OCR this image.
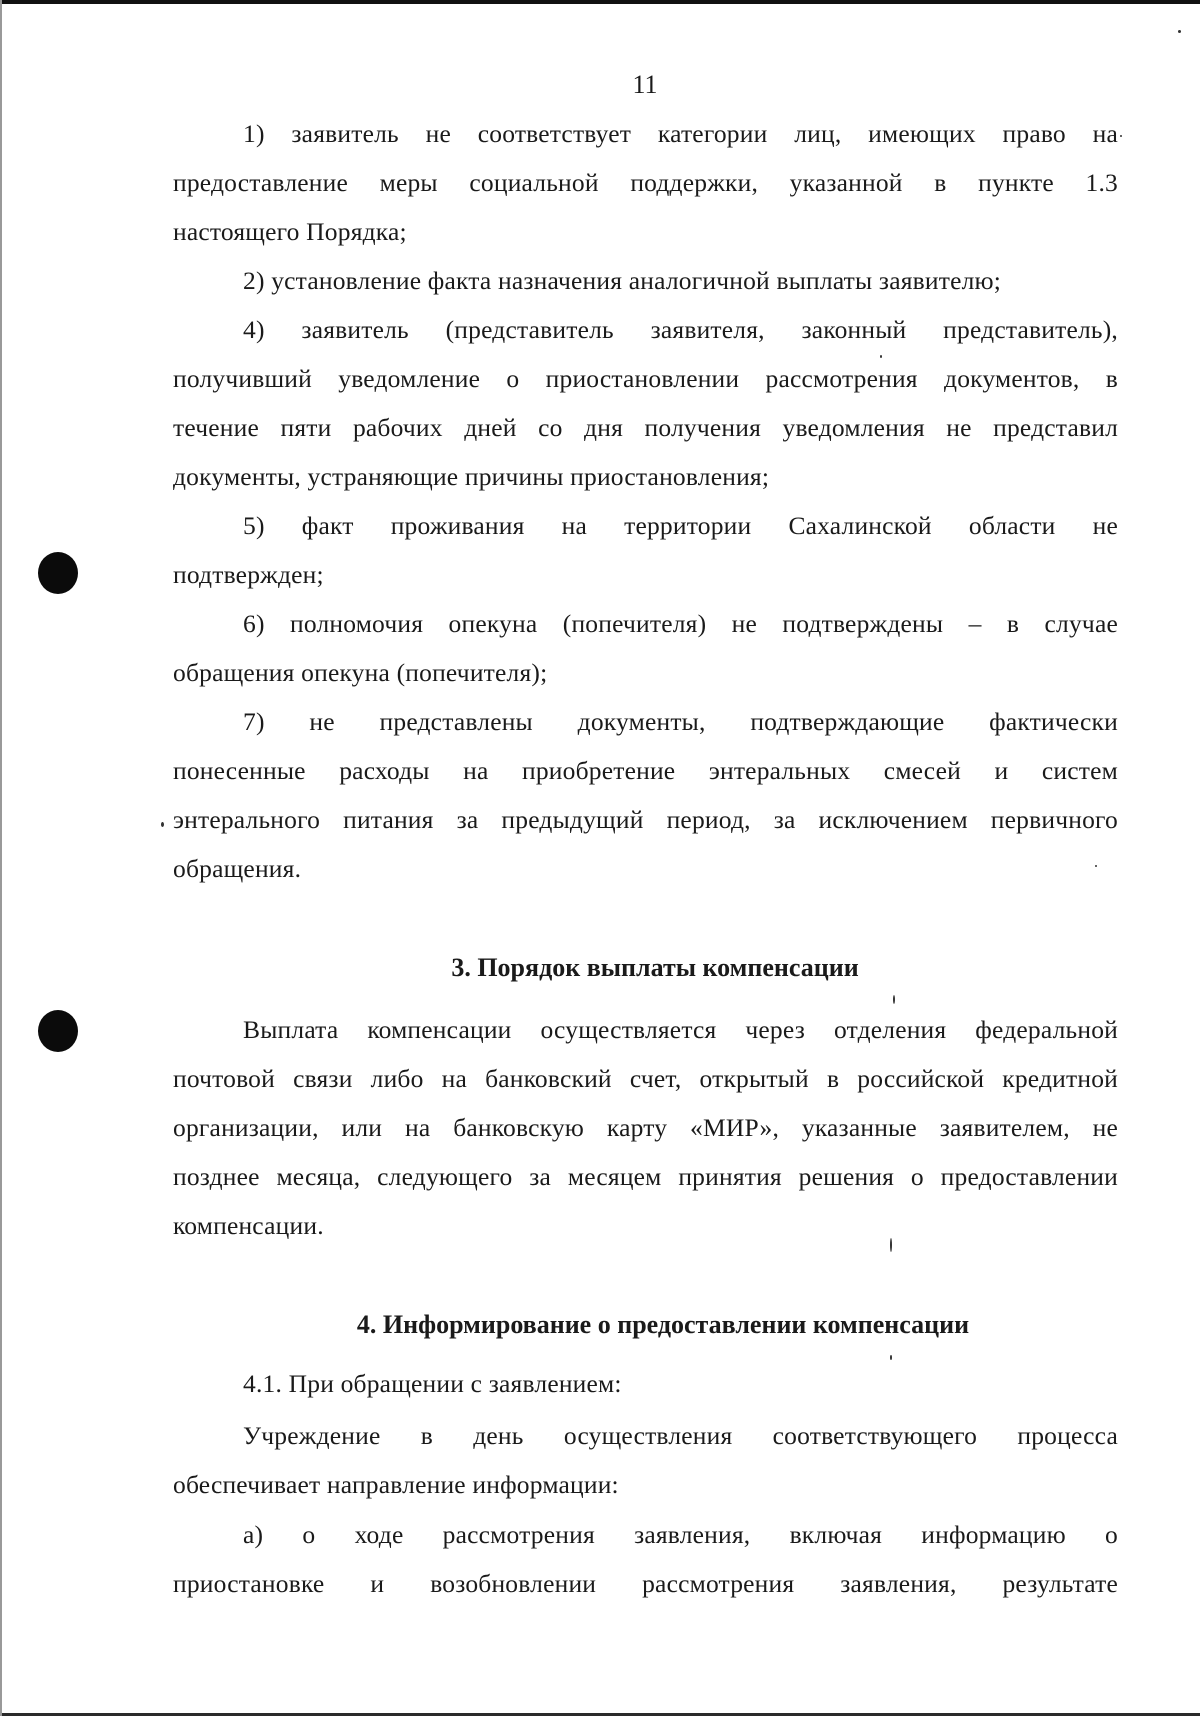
11
1) заявитель не соответствует категории лиц, имеющих право на
предоставление меры социальной поддержки, указанной в пункте 1.3
настоящего Порядка;
2) установление факта назначения аналогичной выплаты заявителю;
4) заявитель (представитель заявителя, законный представитель),
получивший уведомление о приостановлении рассмотрения документов, в
течение пяти рабочих дней со дня получения уведомления не представил
документы, устраняющие причины приостановления;
5) факт проживания на территории Сахалинской области не
подтвержден;
6) полномочия опекуна (попечителя) не подтверждены – в случае
обращения опекуна (попечителя);
7) не представлены документы, подтверждающие фактически
понесенные расходы на приобретение энтеральных смесей и систем
энтерального питания за предыдущий период, за исключением первичного
обращения.
3. Порядок выплаты компенсации
Выплата компенсации осуществляется через отделения федеральной
почтовой связи либо на банковский счет, открытый в российской кредитной
организации, или на банковскую карту «МИР», указанные заявителем, не
позднее месяца, следующего за месяцем принятия решения о предоставлении
компенсации.
4. Информирование о предоставлении компенсации
4.1. При обращении с заявлением:
Учреждение в день осуществления соответствующего процесса
обеспечивает направление информации:
а) о ходе рассмотрения заявления, включая информацию о
приостановке и возобновлении рассмотрения заявления, результате
